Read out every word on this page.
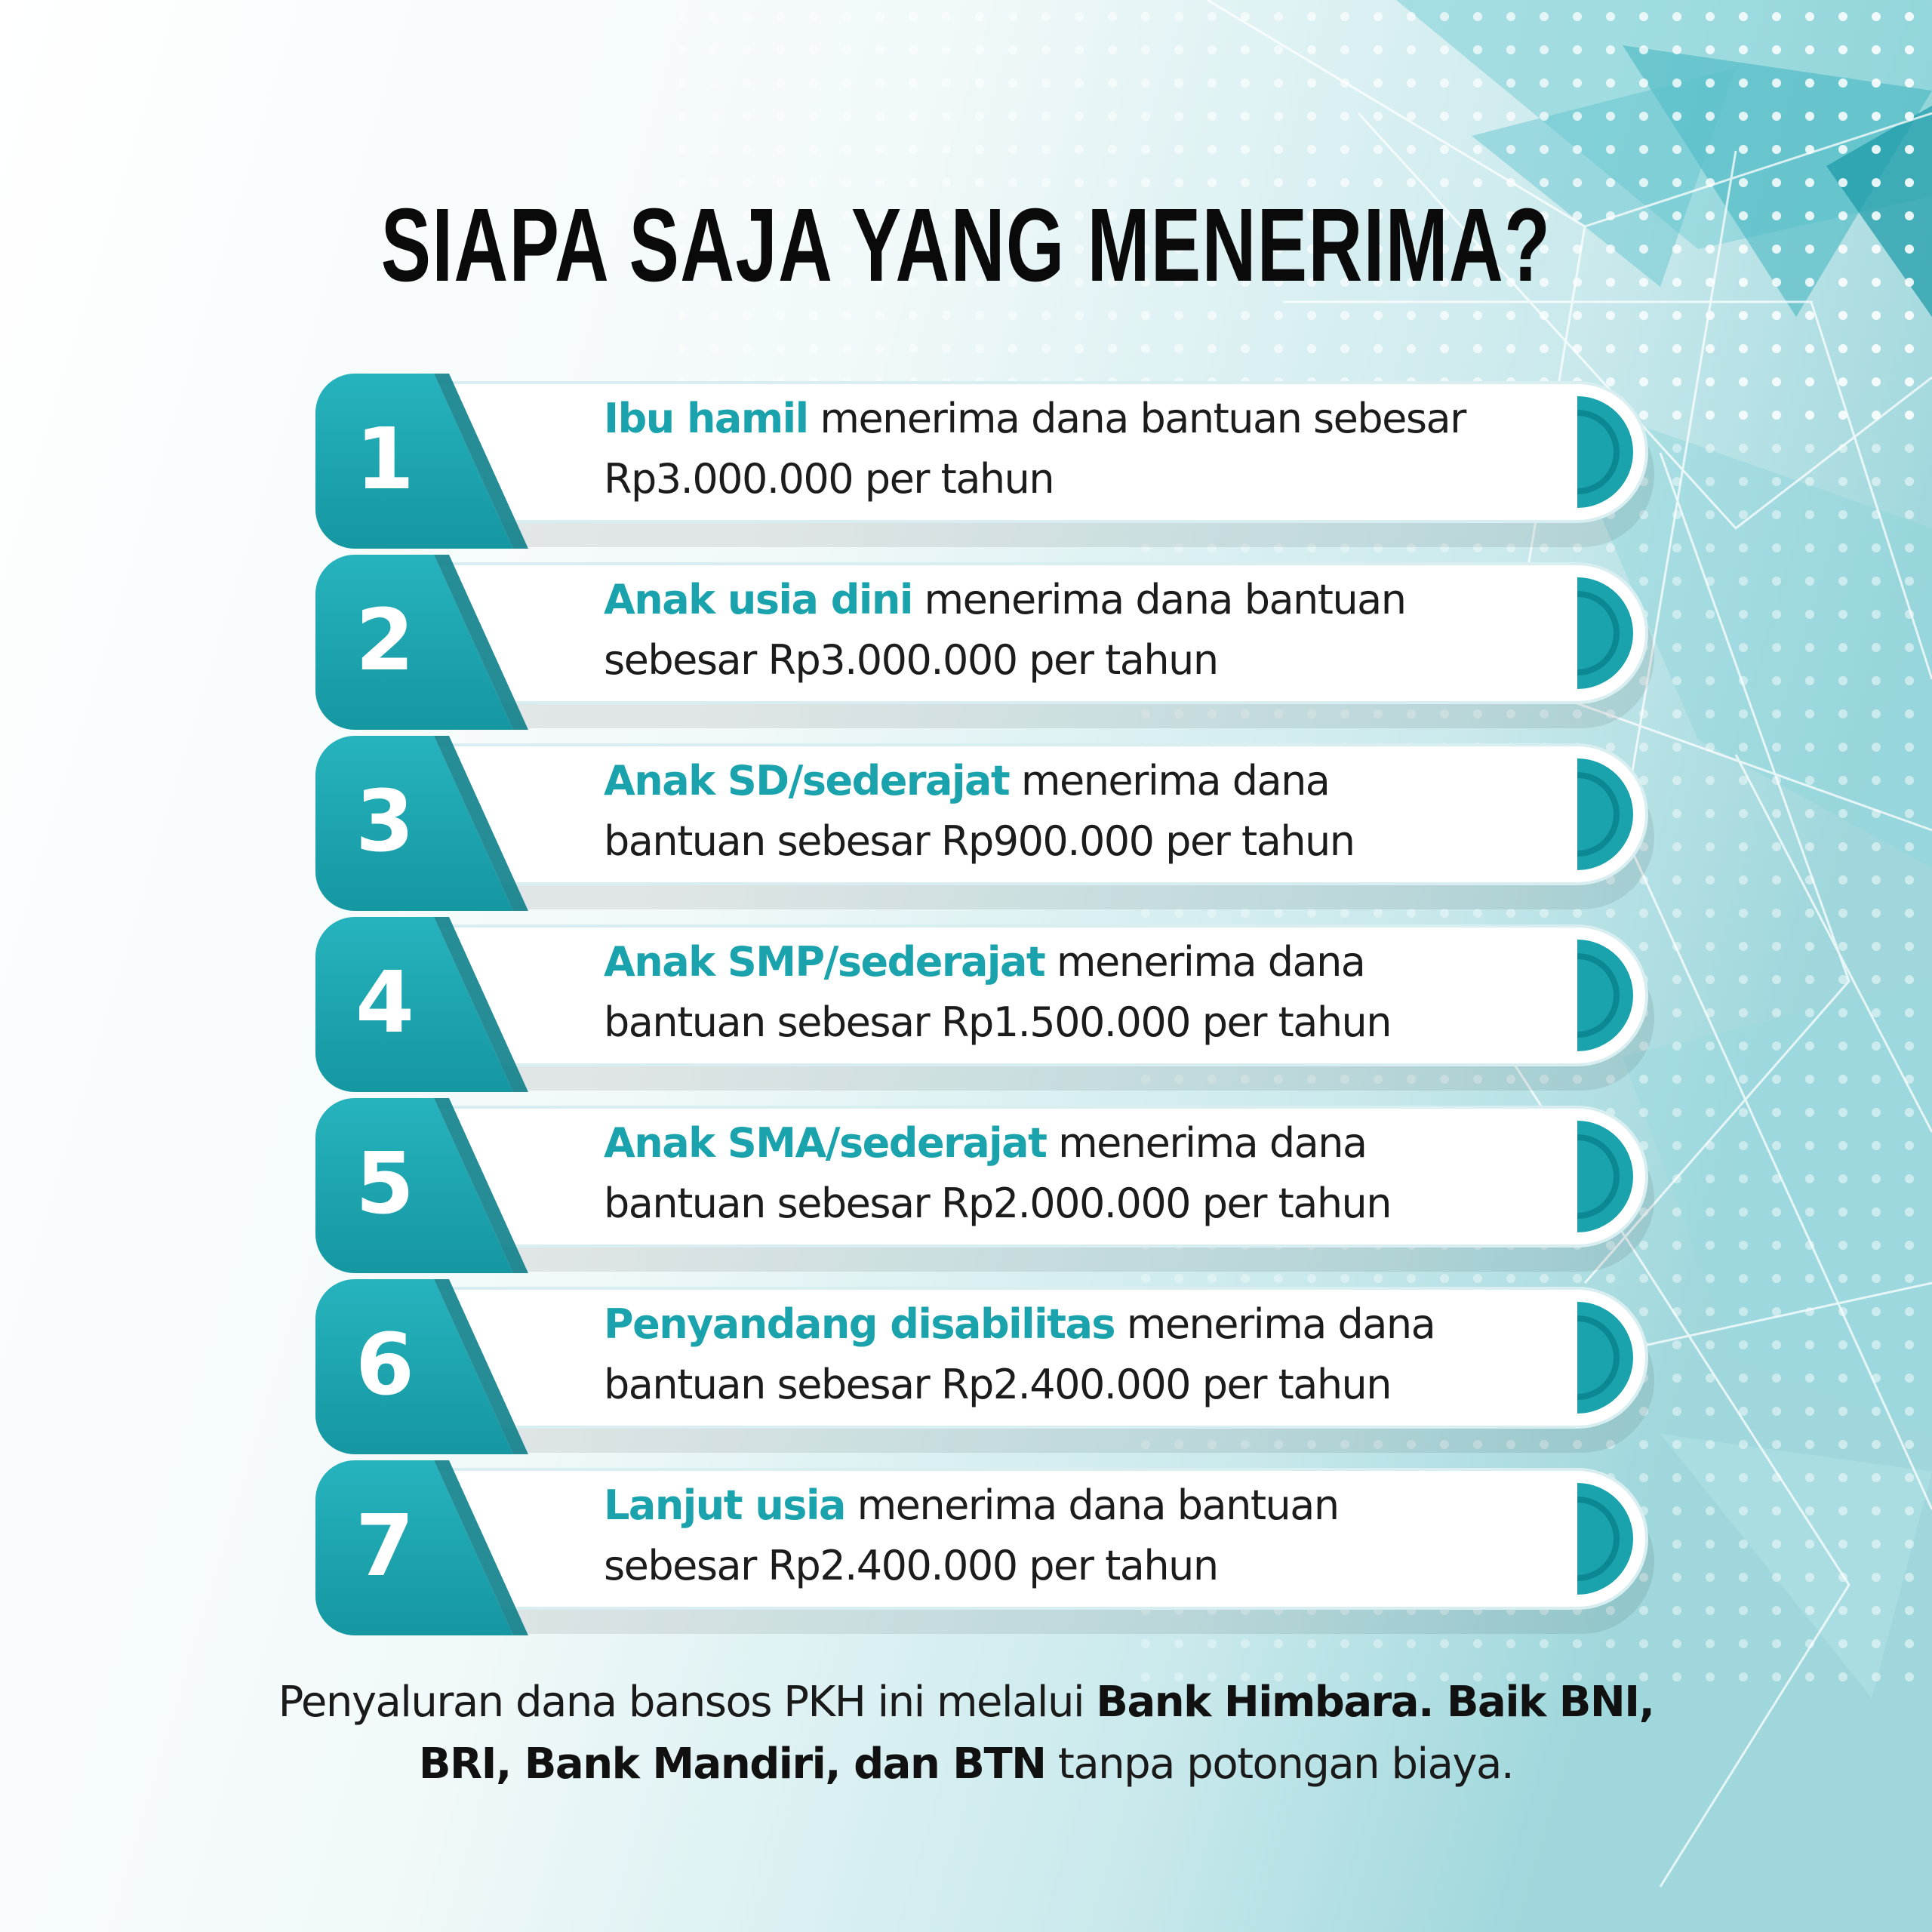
SIAPA SAJA YANG MENERIMA?
1	Ibu hamil menerima dana bantuan sebesar
Rp3.000.000 per tahun
2	Anak usia dini menerima dana bantuan
sebesar Rp3.000.000 per tahun
3	Anak SD/sederajat menerima dana
bantuan sebesar Rp900.000 per tahun
4	Anak SMP/sederajat menerima dana
bantuan sebesar Rp1.500.000 per tahun
5	Anak SMA/sederajat menerima dana
bantuan sebesar Rp2.000.000 per tahun
6	Penyandang disabilitas menerima dana
bantuan sebesar Rp2.400.000 per tahun
7	Lanjut usia menerima dana bantuan
sebesar Rp2.400.000 per tahun
Penyaluran dana bansos PKH ini melalui Bank Himbara. Baik BNI,
BRI, Bank Mandiri, dan BTN tanpa potongan biaya.
